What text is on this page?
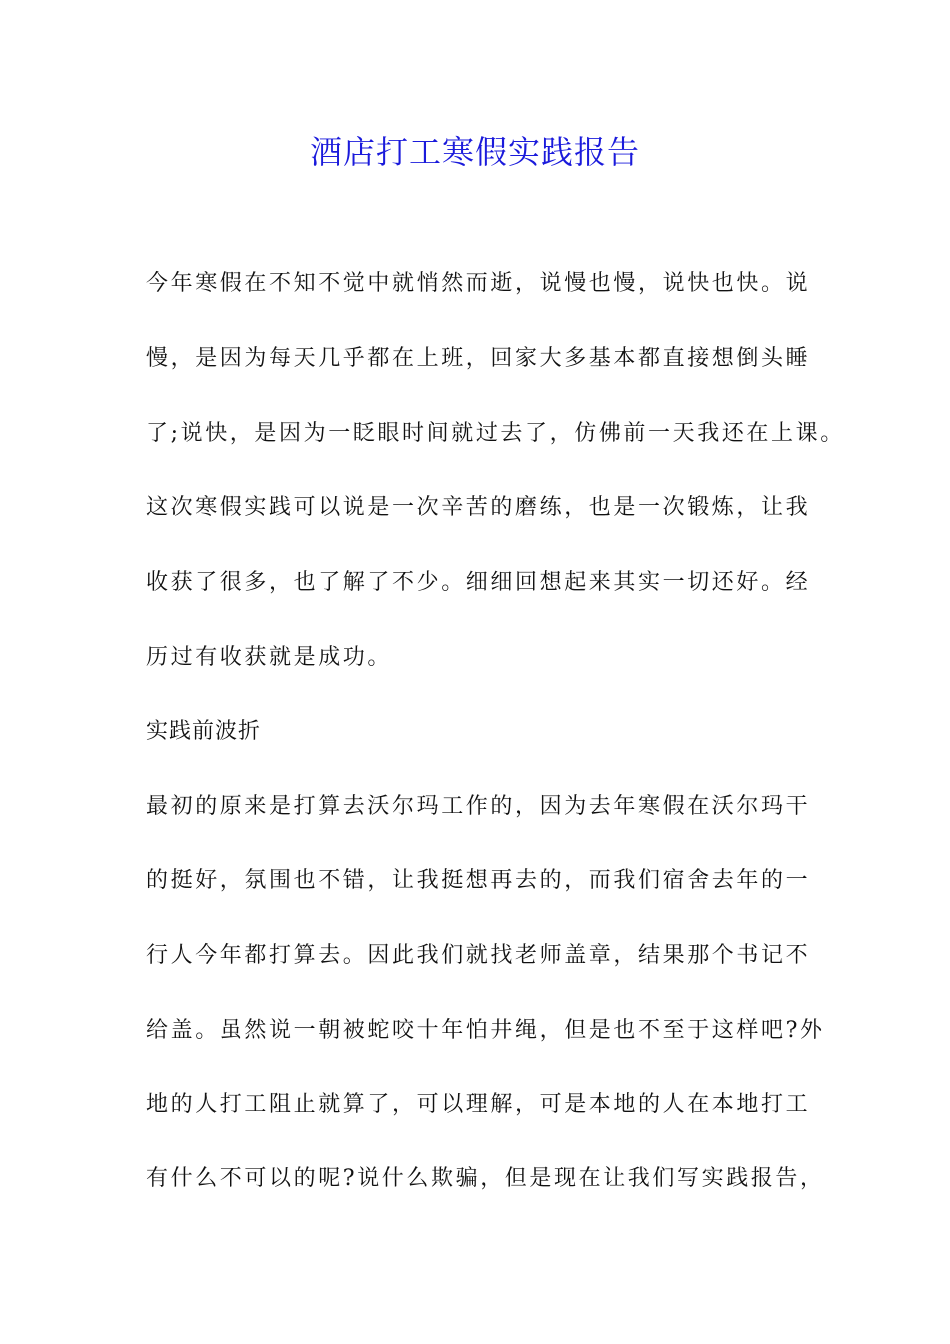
酒店打工寒假实践报告

今年寒假在不知不觉中就悄然而逝，说慢也慢，说快也快。说

慢，是因为每天几乎都在上班，回家大多基本都直接想倒头睡

了;说快，是因为一眨眼时间就过去了，仿佛前一天我还在上课。

这次寒假实践可以说是一次辛苦的磨练，也是一次锻炼，让我

收获了很多，也了解了不少。细细回想起来其实一切还好。经

历过有收获就是成功。

实践前波折

最初的原来是打算去沃尔玛工作的，因为去年寒假在沃尔玛干

的挺好，氛围也不错，让我挺想再去的，而我们宿舍去年的一

行人今年都打算去。因此我们就找老师盖章，结果那个书记不

给盖。虽然说一朝被蛇咬十年怕井绳，但是也不至于这样吧?外

地的人打工阻止就算了，可以理解，可是本地的人在本地打工

有什么不可以的呢?说什么欺骗，但是现在让我们写实践报告，
